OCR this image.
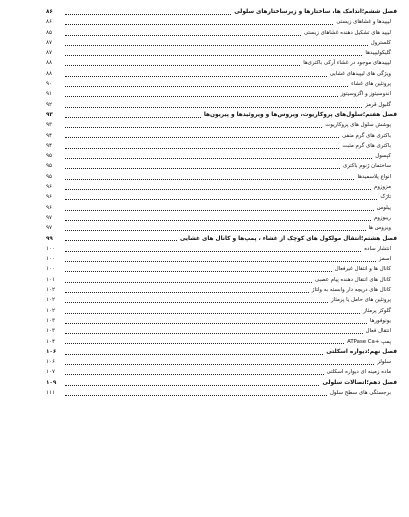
فصل ششم؛اندامک ها، ساختارها و زیرساختارهای سلولی
۸۶
لیپیدها و غشاهای زیستی
۸۶
لیپید های تشکیل دهنده غشاهای زیستی
۸۵
کلسترول
۸۷
گلیکولیپیدها
۸۷
لیپیدهای موجود در غشاء آرکی باکتری‌ها
۸۸
ویژگی های لیپیدهای غشایی
۸۸
پروتئین های غشاء
۹۰
اندوسیتوز و اگزوسیتوز
۹۱
گلبول قرمز
۹۲
فصل هفتم؛سلول‌های پروکاریوت، ویروس‌ها و ویروئیدها و پیریون‌ها
۹۳
پوشش سلول های پروکاریوت
۹۳
باکتری های گرم منفی
۹۴
باکتری های گرم مثبت
۹۴
کپسول
۹۵
ساختمان ژنوم باکتری
۹۵
انواع پلاسمیدها
۹۵
مزوزوم
۹۶
تاژک
۹۶
پیلوس
۹۶
ریبوزوم
۹۷
ویروس ها
۹۷
فصل هشتم؛انتقال مولکول های کوچک از غشاء ، پمپ‌ها و کانال های غشایی
۹۹
انتشار ساده
۱۰۰
اسمز
۱۰۰
کانال ها و انتقال غیرفعال
۱۰۰
کانال های انتقال دهنده پیام عصبی
۱۰۱
کانال های دریچه دار وابسته به ولتاژ
۱۰۲
پروتئین های حامل یا پرمئاز
۱۰۲
گلوکز پرمئاز
۱۰۲
یونوفورها
۱۰۳
انتقال فعال
۱۰۳
پمپ +ATPase Ca
۱۰۴
فصل نهم؛دیواره اسکلتی
۱۰۶
سلولز
۱۰۶
ماده زمینه ای دیواره اسکلتی
۱۰۷
فصل دهم؛اتصالات سلولی
۱۰۹
برجستگی های سطح سلول
۱۱۱
